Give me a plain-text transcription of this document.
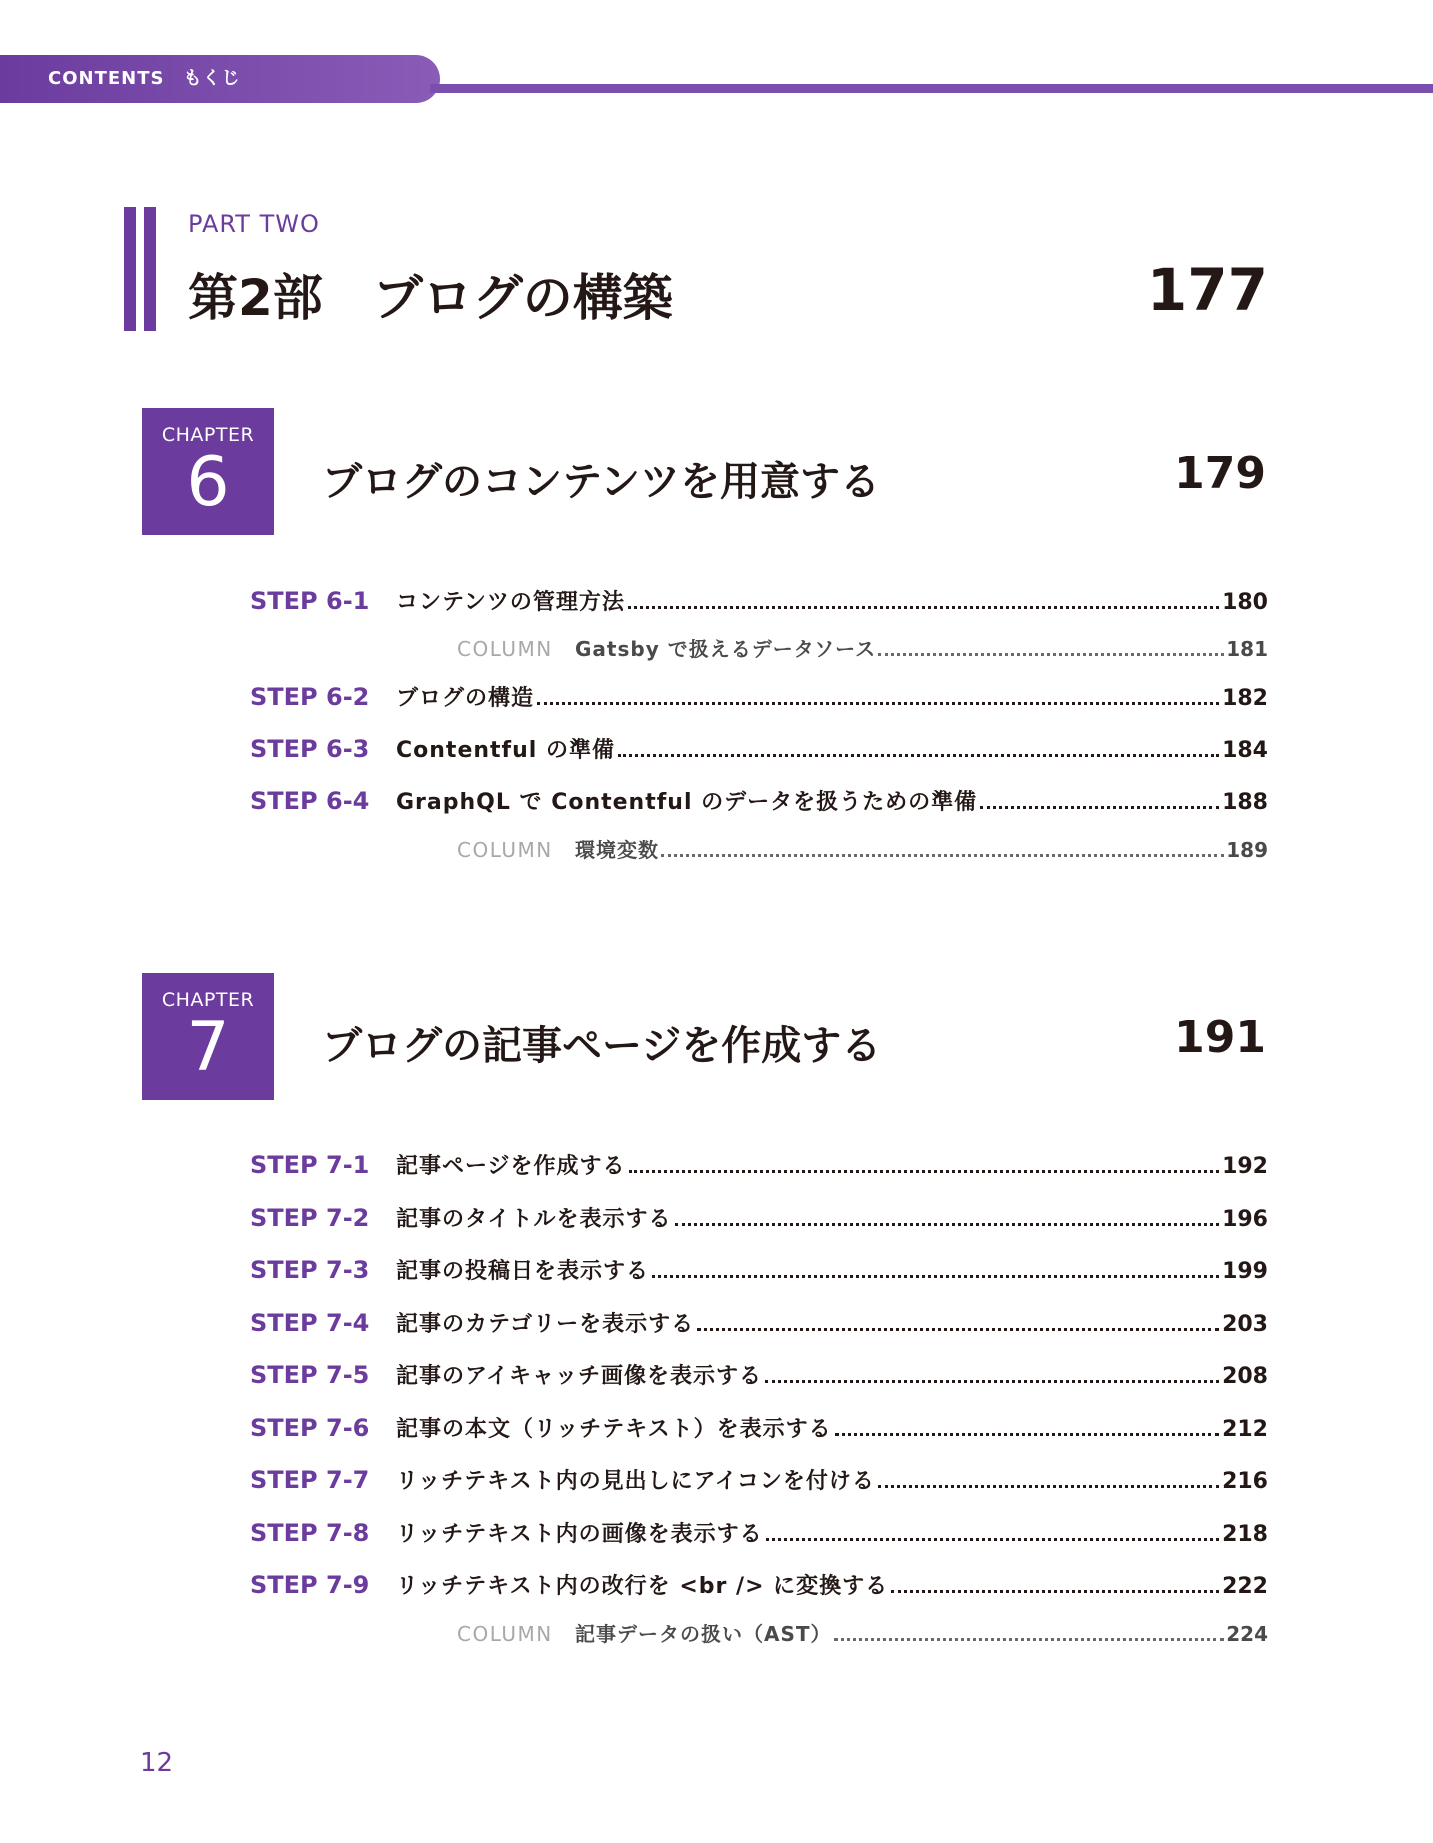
CONTENTS　もくじ
PART TWO
第2部　ブログの構築	177
CHAPTER
6	ブログのコンテンツを用意する	179
STEP 6-1	コンテンツの管理方法	180
COLUMN	Gatsby で扱えるデータソース	181
STEP 6-2	ブログの構造	182
STEP 6-3	Contentful の準備	184
STEP 6-4	GraphQL で Contentful のデータを扱うための準備	188
COLUMN	環境変数	189
CHAPTER
7	ブログの記事ページを作成する	191
STEP 7-1	記事ページを作成する	192
STEP 7-2	記事のタイトルを表示する	196
STEP 7-3	記事の投稿日を表示する	199
STEP 7-4	記事のカテゴリーを表示する	203
STEP 7-5	記事のアイキャッチ画像を表示する	208
STEP 7-6	記事の本文（リッチテキスト）を表示する	212
STEP 7-7	リッチテキスト内の見出しにアイコンを付ける	216
STEP 7-8	リッチテキスト内の画像を表示する	218
STEP 7-9	リッチテキスト内の改行を <br /> に変換する	222
COLUMN	記事データの扱い（AST）	224
12
